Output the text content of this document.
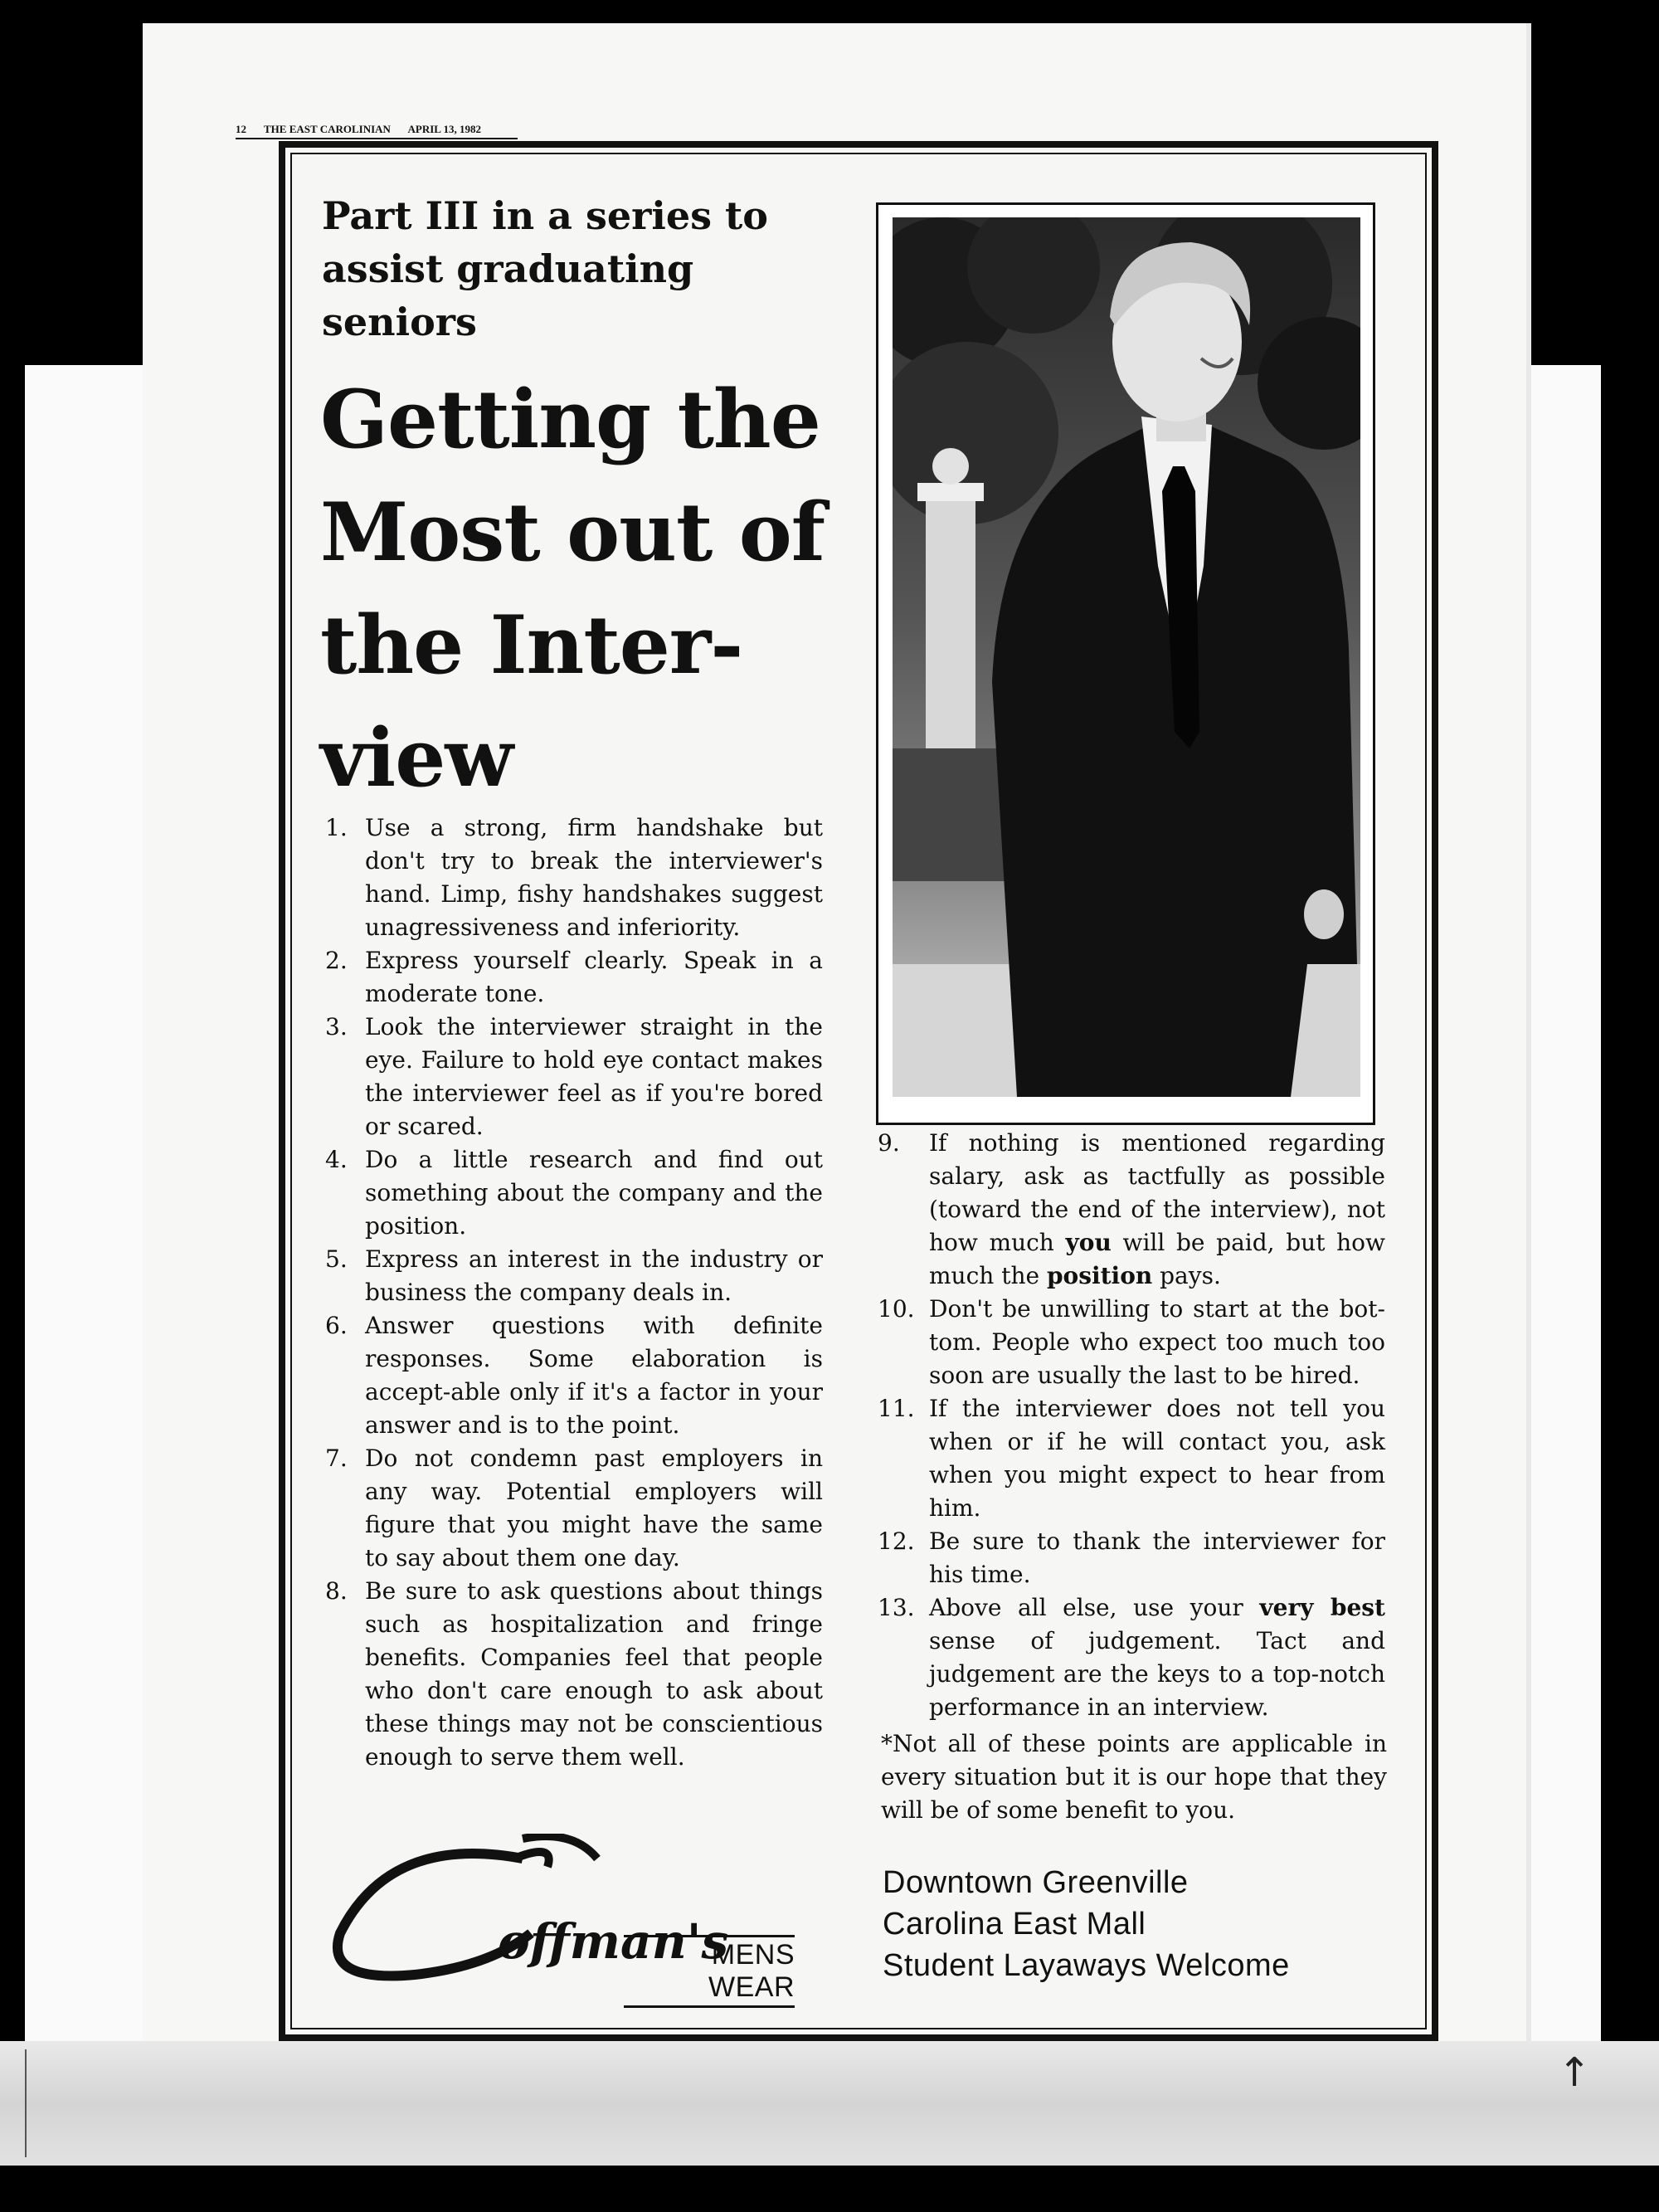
↑
12 THE EAST CAROLINIAN APRIL 13, 1982
Part III in a series to assist graduating seniors
Getting the Most out of the Inter-view
1. Use a strong, firm handshake but don't try to break the interviewer's hand. Limp, fishy handshakes suggest unagressiveness and inferiority.
2. Express yourself clearly. Speak in a moderate tone.
3. Look the interviewer straight in the eye. Failure to hold eye contact makes the interviewer feel as if you're bored or scared.
4. Do a little research and find out something about the company and the position.
5. Express an interest in the industry or business the company deals in.
6. Answer questions with definite responses. Some elaboration is accept-able only if it's a factor in your answer and is to the point.
7. Do not condemn past employers in any way. Potential employers will figure that you might have the same to say about them one day.
8. Be sure to ask questions about things such as hospitalization and fringe benefits. Companies feel that people who don't care enough to ask about these things may not be conscientious enough to serve them well.
9. If nothing is mentioned regarding salary, ask as tactfully as possible (toward the end of the interview), not how much you will be paid, but how much the position pays.
10. Don't be unwilling to start at the bot-tom. People who expect too much too soon are usually the last to be hired.
11. If the interviewer does not tell you when or if he will contact you, ask when you might expect to hear from him.
12. Be sure to thank the interviewer for his time.
13. Above all else, use your very best sense of judgement. Tact and judgement are the keys to a top-notch performance in an interview.
*Not all of these points are applicable in every situation but it is our hope that they will be of some benefit to you.
offman's
MENS WEAR
Downtown Greenville
Carolina East Mall
Student Layaways Welcome
